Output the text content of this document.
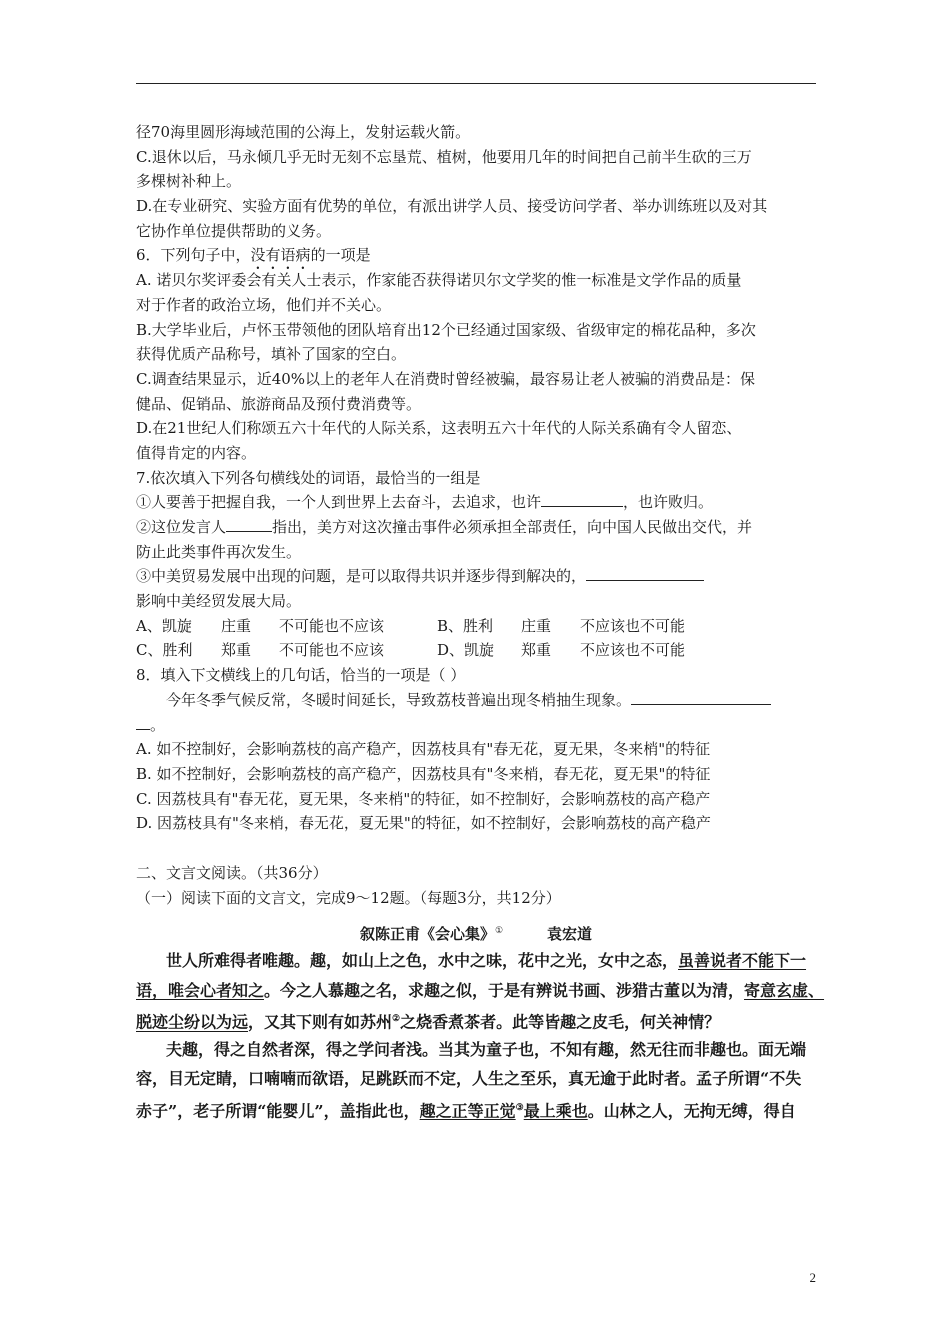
径70海里圆形海域范围的公海上，发射运载火箭。
C.退休以后，马永倾几乎无时无刻不忘垦荒、植树，他要用几年的时间把自己前半生砍的三万
多棵树补种上。
D.在专业研究、实验方面有优势的单位，有派出讲学人员、接受访问学者、举办训练班以及对其
它协作单位提供帮助的义务。
6．下列句子中，没有语病的一项是
A. 诺贝尔奖评委会有关人士表示，作家能否获得诺贝尔文学奖的惟一标准是文学作品的质量
对于作者的政治立场，他们并不关心。
B.大学毕业后，卢怀玉带领他的团队培育出12个已经通过国家级、省级审定的棉花品种，多次
获得优质产品称号，填补了国家的空白。
C.调查结果显示，近40%以上的老年人在消费时曾经被骗，最容易让老人被骗的消费品是：保
健品、促销品、旅游商品及预付费消费等。
D.在21世纪人们称颂五六十年代的人际关系，这表明五六十年代的人际关系确有令人留恋、
值得肯定的内容。
7.依次填入下列各句横线处的词语，最恰当的一组是
①人要善于把握自我，一个人到世界上去奋斗，去追求，也许	，也许败归。
②这位发言人	指出，美方对这次撞击事件必须承担全部责任，向中国人民做出交代，并
防止此类事件再次发生。
③中美贸易发展中出现的问题，是可以取得共识并逐步得到解决的，
影响中美经贸发展大局。
A、凯旋	庄重	不可能也不应该	B、胜利	庄重	不应该也不可能
C、胜利	郑重	不可能也不应该	D、凯旋	郑重	不应该也不可能
8．填入下文横线上的几句话，恰当的一项是（ ）
今年冬季气候反常，冬暖时间延长，导致荔枝普遍出现冬梢抽生现象。
。
A. 如不控制好，会影响荔枝的高产稳产，因荔枝具有"春无花，夏无果，冬来梢"的特征
B. 如不控制好，会影响荔枝的高产稳产，因荔枝具有"冬来梢，春无花，夏无果"的特征
C. 因荔枝具有"春无花，夏无果，冬来梢"的特征，如不控制好，会影响荔枝的高产稳产
D. 因荔枝具有"冬来梢，春无花，夏无果"的特征，如不控制好，会影响荔枝的高产稳产
二、文言文阅读。（共36分）
（一）阅读下面的文言文，完成9～12题。（每题3分，共12分）
叙陈正甫《会心集》①	袁宏道
世人所难得者唯趣。趣，如山上之色，水中之味，花中之光，女中之态，虽善说者不能下一
语，唯会心者知之。今之人慕趣之名，求趣之似，于是有辨说书画、涉猎古董以为清，寄意玄虚、
脱迹尘纷以为远，又其下则有如苏州②之烧香煮茶者。此等皆趣之皮毛，何关神情？
夫趣，得之自然者深，得之学问者浅。当其为童子也，不知有趣，然无往而非趣也。面无端
容，目无定睛，口喃喃而欲语，足跳跃而不定，人生之至乐，真无逾于此时者。孟子所谓“不失
赤子”，老子所谓“能婴儿”，盖指此也，趣之正等正觉③最上乘也。山林之人，无拘无缚，得自
2
